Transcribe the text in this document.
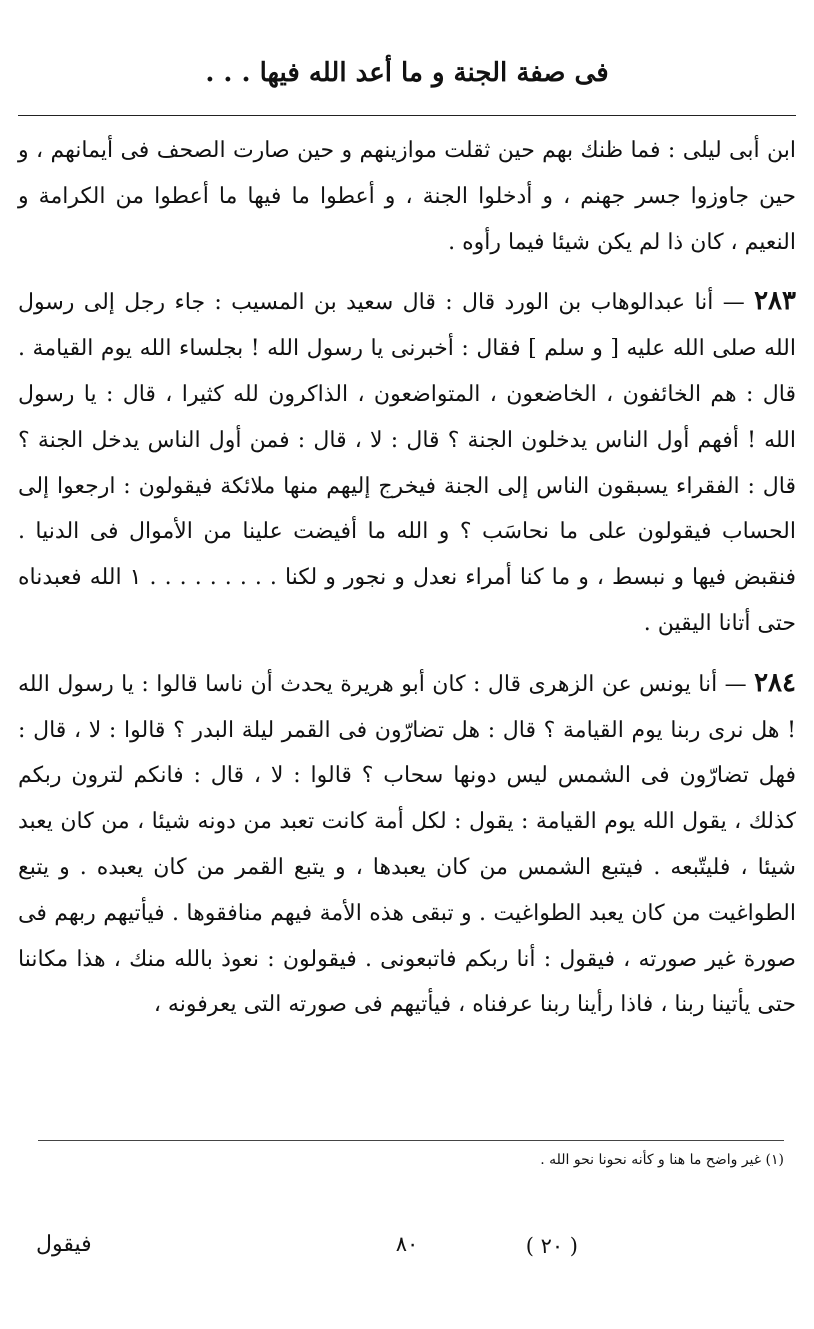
فى صفة الجنة و ما أعد الله فيها . . .

ابن أبى ليلى : فما ظنك بهم حين ثقلت موازينهم و حين صارت الصحف فى أيمانهم ، و حين جاوزوا جسر جهنم ، و أدخلوا الجنة ، و أعطوا ما فيها ما أعطوا من الكرامة و النعيم ، كان ذا لم يكن شيئا فيما رأوه .

٢٨٣ — أنا عبدالوهاب بن الورد قال : قال سعيد بن المسيب : جاء رجل إلى رسول الله صلى الله عليه [ و سلم ] فقال : أخبرنى يا رسول الله ! بجلساء الله يوم القيامة . قال : هم الخائفون ، الخاضعون ، المتواضعون ، الذاكرون لله كثيرا ، قال : يا رسول الله ! أفهم أول الناس يدخلون الجنة ؟ قال : لا ، قال : فمن أول الناس يدخل الجنة ؟ قال : الفقراء يسبقون الناس إلى الجنة فيخرج إليهم منها ملائكة فيقولون : ارجعوا إلى الحساب فيقولون على ما نحاسَب ؟ و الله ما أفيضت علينا من الأموال فى الدنيا . فنقبض فيها و نبسط ، و ما كنا أمراء نعدل و نجور و لكنا . . . . . . . . . ١ الله فعبدناه حتى أتانا اليقين .

٢٨٤ — أنا يونس عن الزهرى قال : كان أبو هريرة يحدث أن ناسا قالوا : يا رسول الله ! هل نرى ربنا يوم القيامة ؟ قال : هل تضارّون فى القمر ليلة البدر ؟ قالوا : لا ، قال : فهل تضارّون فى الشمس ليس دونها سحاب ؟ قالوا : لا ، قال : فانكم لترون ربكم كذلك ، يقول الله يوم القيامة : يقول : لكل أمة كانت تعبد من دونه شيئا ، من كان يعبد شيئا ، فليتّبعه . فيتبع الشمس من كان يعبدها ، و يتبع القمر من كان يعبده . و يتبع الطواغيت من كان يعبد الطواغيت . و تبقى هذه الأمة فيهم منافقوها . فيأتيهم ربهم فى صورة غير صورته ، فيقول : أنا ربكم فاتبعونى . فيقولون : نعوذ بالله منك ، هذا مكاننا حتى يأتينا ربنا ، فاذا رأينا ربنا عرفناه ، فيأتيهم فى صورته التى يعرفونه ،

(١) غير واضح ما هنا و كأنه نحونا نحو الله .
٨٠	( ٢٠ )
فيقول
